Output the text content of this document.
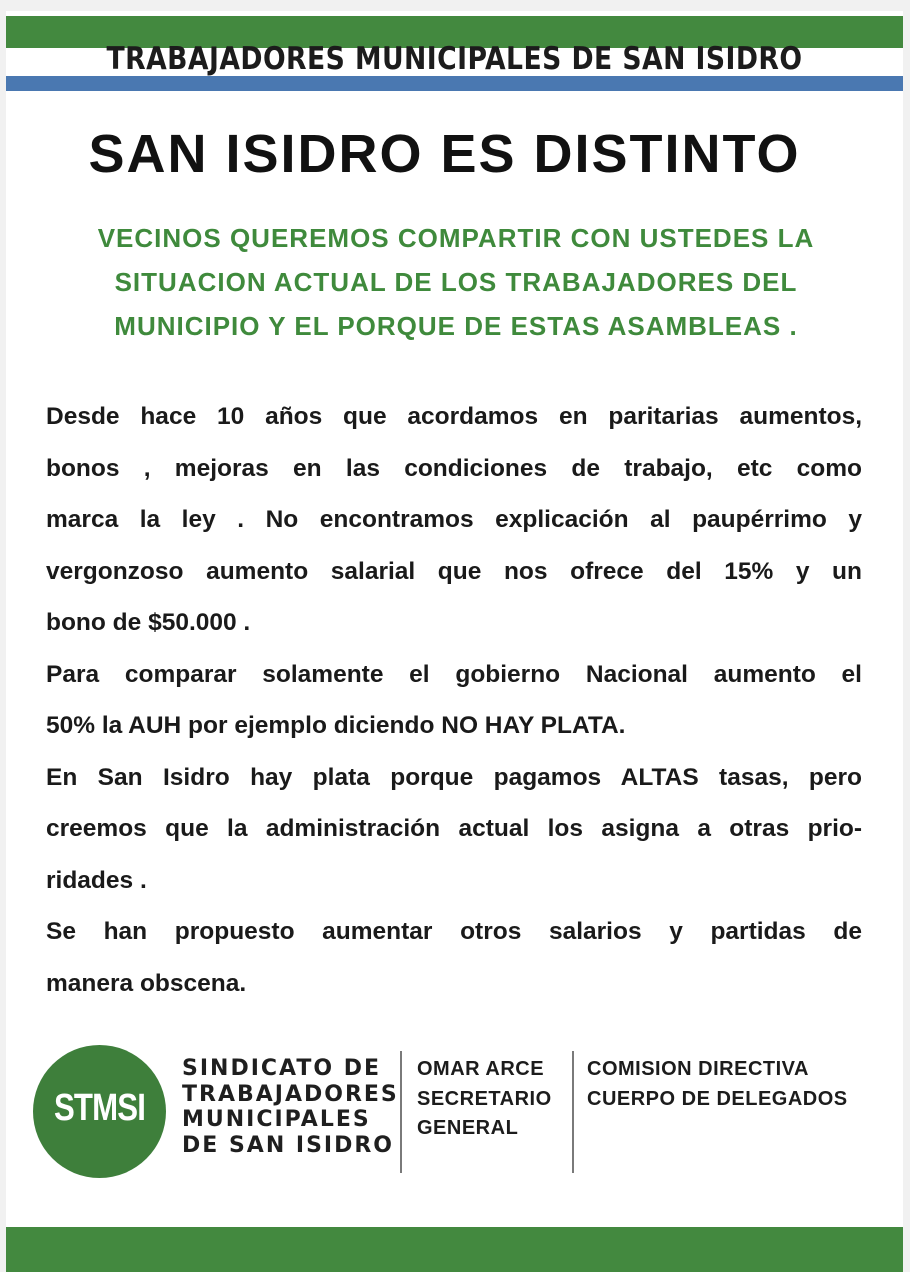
TRABAJADORES MUNICIPALES DE SAN ISIDRO
SAN ISIDRO ES DISTINTO
VECINOS QUEREMOS COMPARTIR CON USTEDES LA
SITUACION ACTUAL DE LOS TRABAJADORES DEL
MUNICIPIO Y EL PORQUE DE ESTAS ASAMBLEAS .
Desde hace 10 años que acordamos en paritarias aumentos,
bonos , mejoras en las condiciones de trabajo, etc como
marca la ley . No encontramos explicación al paupérrimo y
vergonzoso aumento salarial que nos ofrece del 15% y un
bono de $50.000 .
Para comparar solamente el gobierno Nacional aumento el
50% la AUH por ejemplo diciendo NO HAY PLATA.
En San Isidro hay plata porque pagamos ALTAS tasas, pero
creemos que la administración actual los asigna a otras prio-
ridades .
Se han propuesto aumentar otros salarios y partidas de
manera obscena.
STMSI
SINDICATO DE
TRABAJADORES
MUNICIPALES
DE SAN ISIDRO
OMAR ARCE
SECRETARIO
GENERAL
COMISION DIRECTIVA
CUERPO DE DELEGADOS
